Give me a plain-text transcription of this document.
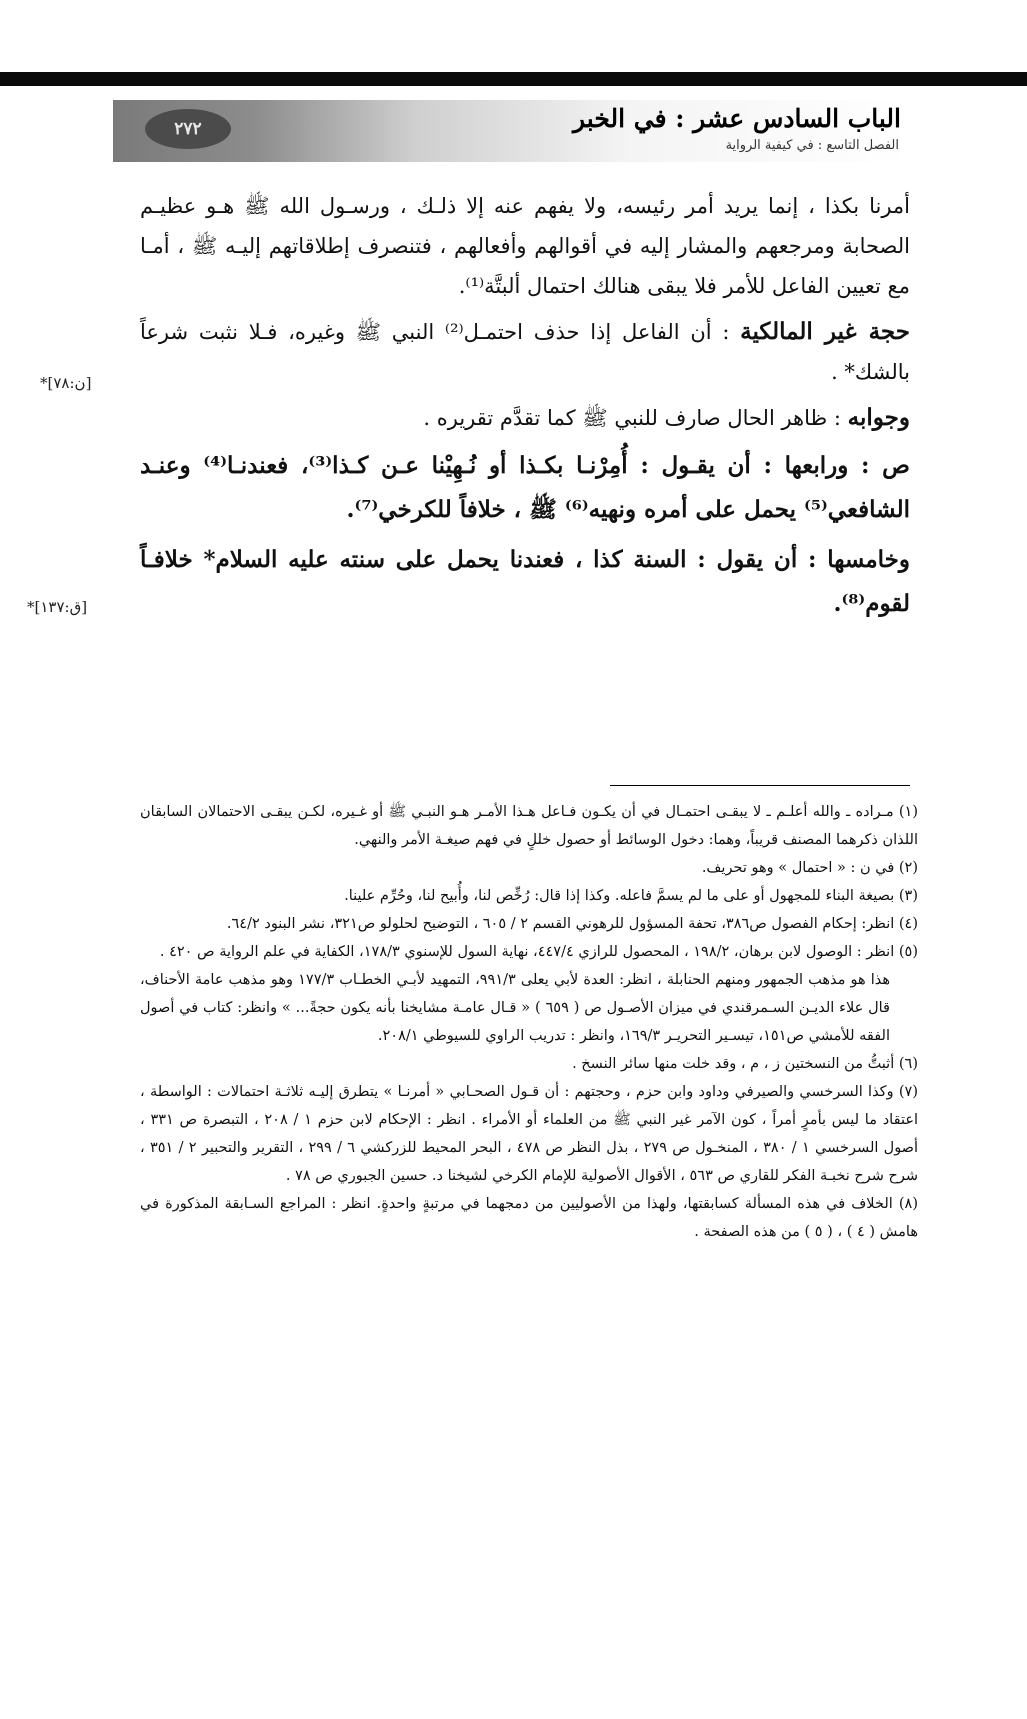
الباب السادس عشر : في الخبر
الفصل التاسع : في كيفية الرواية
٢٧٢
*[ن:٧٨]
*[ق:١٣٧]

أمرنا بكذا ، إنما يريد أمر رئيسه، ولا يفهم عنه إلا ذلـك ، ورسـول الله ﷺ هـو عظيـم الصحابة ومرجعهم والمشار إليه في أقوالهم وأفعالهم ، فتنصرف إطلاقاتهم إليـه ﷺ ، أمـا مع تعيين الفاعل للأمر فلا يبقى هنالك احتمال ألبتَّة⁽¹⁾.

حجة غير المالكية : أن الفاعل إذا حذف احتمـل⁽²⁾ النبي ﷺ وغيره، فـلا نثبت شرعاً بالشك* .

وجوابه : ظاهر الحال صارف للنبي ﷺ كما تقدَّم تقريره .

ص : ورابعها : أن يقـول : أُمِرْنـا بكـذا أو نُـهِيْنا عـن كـذا⁽³⁾، فعندنـا⁽⁴⁾ وعنـد الشافعي⁽⁵⁾ يحمل على أمره ونهيه⁽⁶⁾ ﷺ ، خلافاً للكرخي⁽⁷⁾.

وخامسها : أن يقول : السنة كذا ، فعندنا يحمل على سنته عليه السلام* خلافـاً لقوم⁽⁸⁾.

(١) مـراده ـ والله أعلـم ـ لا يبقـى احتمـال في أن يكـون فـاعل هـذا الأمـر هـو النبـي ﷺ أو غـيره، لكـن يبقـى الاحتمالان السابقان اللذان ذكرهما المصنف قريباً، وهما: دخول الوسائط أو حصول خللٍ في فهم صيغـة الأمر والنهي.

(٢) في ن : « احتمال » وهو تحريف.

(٣) بصيغة البناء للمجهول أو على ما لم يسمَّ فاعله. وكذا إذا قال: رُخِّص لنا، وأُبيح لنا، وحُرِّم علينا.

(٤) انظر: إحكام الفصول ص٣٨٦، تحفة المسؤول للرهوني القسم ٢ / ٦٠٥ ، التوضيح لحلولو ص٣٢١، نشر البنود ٦٤/٢.

(٥) انظر : الوصول لابن برهان، ١٩٨/٢ ، المحصول للرازي ٤٤٧/٤، نهاية السول للإسنوي ١٧٨/٣، الكفاية في علم الرواية ص ٤٢٠ .

هذا هو مذهب الجمهور ومنهم الحنابلة ، انظر: العدة لأبي يعلى ٩٩١/٣، التمهيد لأبـي الخطـاب ١٧٧/٣ وهو مذهب عامة الأحناف، قال علاء الديـن السـمرقندي في ميزان الأصـول ص ( ٦٥٩ ) « قـال عامـة مشايخنا بأنه يكون حجةً... » وانظر: كتاب في أصول الفقه للأمشي ص١٥١، تيسـير التحريـر ١٦٩/٣، وانظر : تدريب الراوي للسيوطي ٢٠٨/١.

(٦) أثبتُّ من النسختين ز ، م ، وقد خلت منها سائر النسخ .

(٧) وكذا السرخسي والصيرفي وداود وابن حزم ، وحجتهم : أن قـول الصحـابي « أمرنـا » يتطرق إليـه ثلاثـة احتمالات : الواسطة ، اعتقاد ما ليس بأمرٍ أمراً ، كون الآمر غير النبي ﷺ من العلماء أو الأمراء . انظر : الإحكام لابن حزم ١ / ٢٠٨ ، التبصرة ص ٣٣١ ، أصول السرخسي ١ / ٣٨٠ ، المنخـول ص ٢٧٩ ، بذل النظر ص ٤٧٨ ، البحر المحيط للزركشي ٦ / ٢٩٩ ، التقرير والتحبير ٢ / ٣٥١ ، شرح شرح نخبـة الفكر للقاري ص ٥٦٣ ، الأقوال الأصولية للإمام الكرخي لشيخنا د. حسين الجبوري ص ٧٨ .

(٨) الخلاف في هذه المسألة كسابقتها، ولهذا من الأصوليين من دمجهما في مرتبةٍ واحدةٍ. انظر : المراجع السـابقة المذكورة في هامش ( ٤ ) ، ( ٥ ) من هذه الصفحة .
